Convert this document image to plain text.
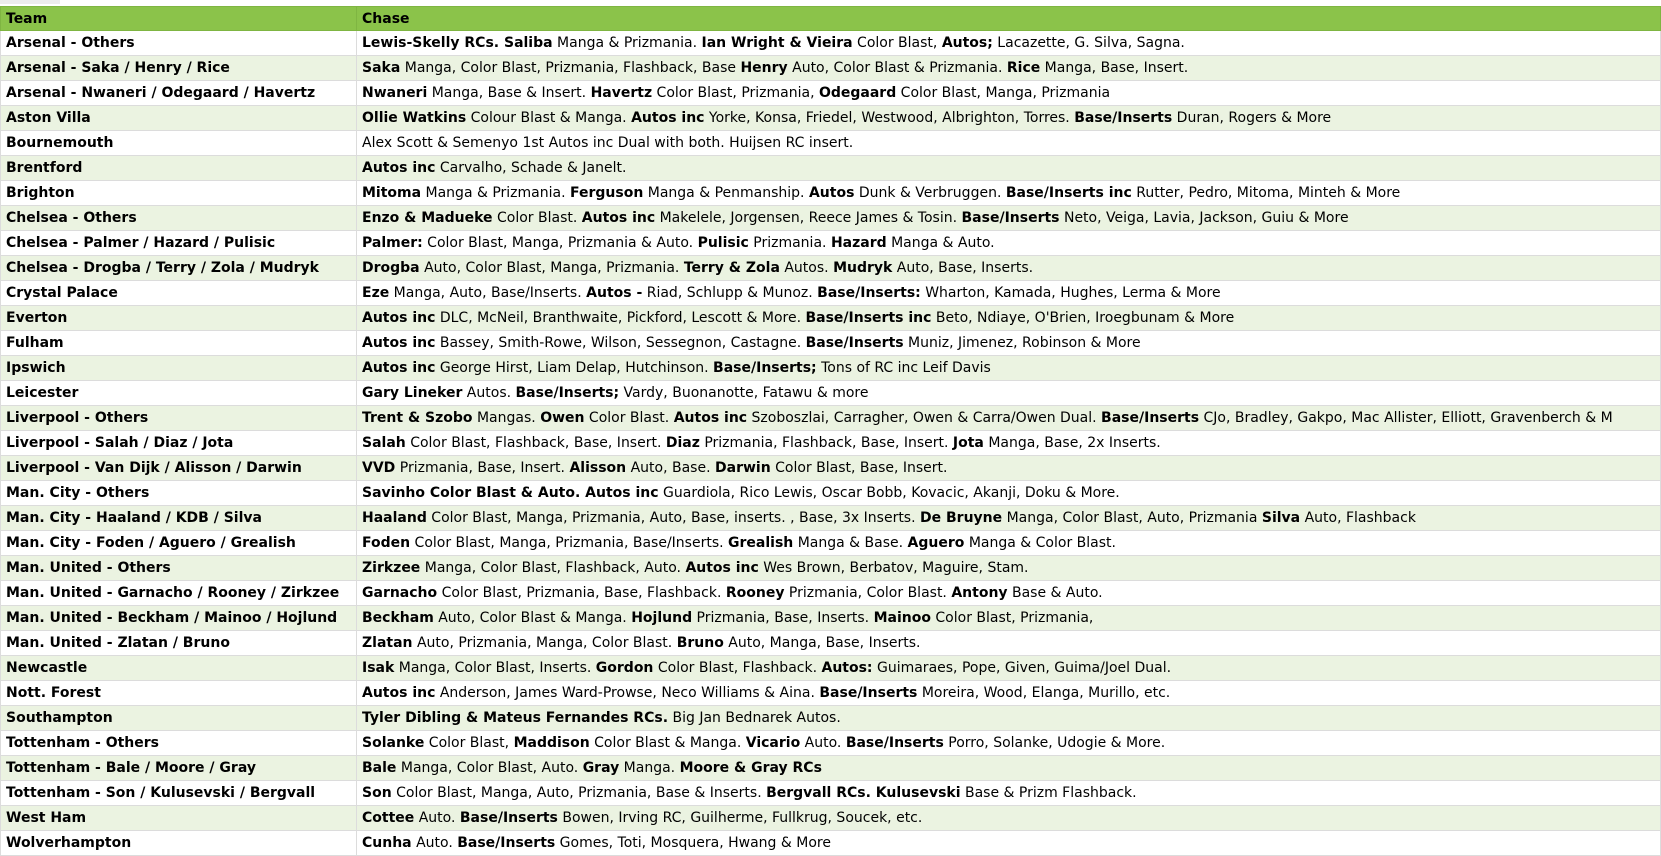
Team	Chase
Arsenal - Others	Lewis-Skelly RCs. Saliba Manga & Prizmania. Ian Wright & Vieira Color Blast, Autos; Lacazette, G. Silva, Sagna.
Arsenal - Saka / Henry / Rice	Saka Manga, Color Blast, Prizmania, Flashback, Base Henry Auto, Color Blast & Prizmania. Rice Manga, Base, Insert.
Arsenal - Nwaneri / Odegaard / Havertz	Nwaneri Manga, Base & Insert. Havertz Color Blast, Prizmania, Odegaard Color Blast, Manga, Prizmania
Aston Villa	Ollie Watkins Colour Blast & Manga. Autos inc Yorke, Konsa, Friedel, Westwood, Albrighton, Torres. Base/Inserts Duran, Rogers & More
Bournemouth	Alex Scott & Semenyo 1st Autos inc Dual with both. Huijsen RC insert.
Brentford	Autos inc Carvalho, Schade & Janelt.
Brighton	Mitoma Manga & Prizmania. Ferguson Manga & Penmanship. Autos Dunk & Verbruggen. Base/Inserts inc Rutter, Pedro, Mitoma, Minteh & More
Chelsea - Others	Enzo & Madueke Color Blast. Autos inc Makelele, Jorgensen, Reece James & Tosin. Base/Inserts Neto, Veiga, Lavia, Jackson, Guiu & More
Chelsea - Palmer / Hazard / Pulisic	Palmer: Color Blast, Manga, Prizmania & Auto. Pulisic Prizmania. Hazard Manga & Auto.
Chelsea - Drogba / Terry / Zola / Mudryk	Drogba Auto, Color Blast, Manga, Prizmania. Terry & Zola Autos. Mudryk Auto, Base, Inserts.
Crystal Palace	Eze Manga, Auto, Base/Inserts. Autos - Riad, Schlupp & Munoz. Base/Inserts: Wharton, Kamada, Hughes, Lerma & More
Everton	Autos inc DLC, McNeil, Branthwaite, Pickford, Lescott & More. Base/Inserts inc Beto, Ndiaye, O'Brien, Iroegbunam & More
Fulham	Autos inc Bassey, Smith-Rowe, Wilson, Sessegnon, Castagne. Base/Inserts Muniz, Jimenez, Robinson & More
Ipswich	Autos inc George Hirst, Liam Delap, Hutchinson. Base/Inserts; Tons of RC inc Leif Davis
Leicester	Gary Lineker Autos. Base/Inserts; Vardy, Buonanotte, Fatawu & more
Liverpool - Others	Trent & Szobo Mangas. Owen Color Blast. Autos inc Szoboszlai, Carragher, Owen & Carra/Owen Dual. Base/Inserts CJo, Bradley, Gakpo, Mac Allister, Elliott, Gravenberch & M
Liverpool - Salah / Diaz / Jota	Salah Color Blast, Flashback, Base, Insert. Diaz Prizmania, Flashback, Base, Insert. Jota Manga, Base, 2x Inserts.
Liverpool - Van Dijk / Alisson / Darwin	VVD Prizmania, Base, Insert. Alisson Auto, Base. Darwin Color Blast, Base, Insert.
Man. City - Others	Savinho Color Blast & Auto. Autos inc Guardiola, Rico Lewis, Oscar Bobb, Kovacic, Akanji, Doku & More.
Man. City - Haaland / KDB / Silva	Haaland Color Blast, Manga, Prizmania, Auto, Base, inserts. , Base, 3x Inserts. De Bruyne Manga, Color Blast, Auto, Prizmania Silva Auto, Flashback
Man. City - Foden / Aguero / Grealish	Foden Color Blast, Manga, Prizmania, Base/Inserts. Grealish Manga & Base. Aguero Manga & Color Blast.
Man. United - Others	Zirkzee Manga, Color Blast, Flashback, Auto. Autos inc Wes Brown, Berbatov, Maguire, Stam.
Man. United - Garnacho / Rooney / Zirkzee	Garnacho Color Blast, Prizmania, Base, Flashback. Rooney Prizmania, Color Blast. Antony Base & Auto.
Man. United - Beckham / Mainoo / Hojlund	Beckham Auto, Color Blast & Manga. Hojlund Prizmania, Base, Inserts. Mainoo Color Blast, Prizmania,
Man. United - Zlatan / Bruno	Zlatan Auto, Prizmania, Manga, Color Blast. Bruno Auto, Manga, Base, Inserts.
Newcastle	Isak Manga, Color Blast, Inserts. Gordon Color Blast, Flashback. Autos: Guimaraes, Pope, Given, Guima/Joel Dual.
Nott. Forest	Autos inc Anderson, James Ward-Prowse, Neco Williams & Aina. Base/Inserts Moreira, Wood, Elanga, Murillo, etc.
Southampton	Tyler Dibling & Mateus Fernandes RCs. Big Jan Bednarek Autos.
Tottenham - Others	Solanke Color Blast, Maddison Color Blast & Manga. Vicario Auto. Base/Inserts Porro, Solanke, Udogie & More.
Tottenham - Bale / Moore / Gray	Bale Manga, Color Blast, Auto. Gray Manga. Moore & Gray RCs
Tottenham - Son / Kulusevski / Bergvall	Son Color Blast, Manga, Auto, Prizmania, Base & Inserts. Bergvall RCs. Kulusevski Base & Prizm Flashback.
West Ham	Cottee Auto. Base/Inserts Bowen, Irving RC, Guilherme, Fullkrug, Soucek, etc.
Wolverhampton	Cunha Auto. Base/Inserts Gomes, Toti, Mosquera, Hwang & More
